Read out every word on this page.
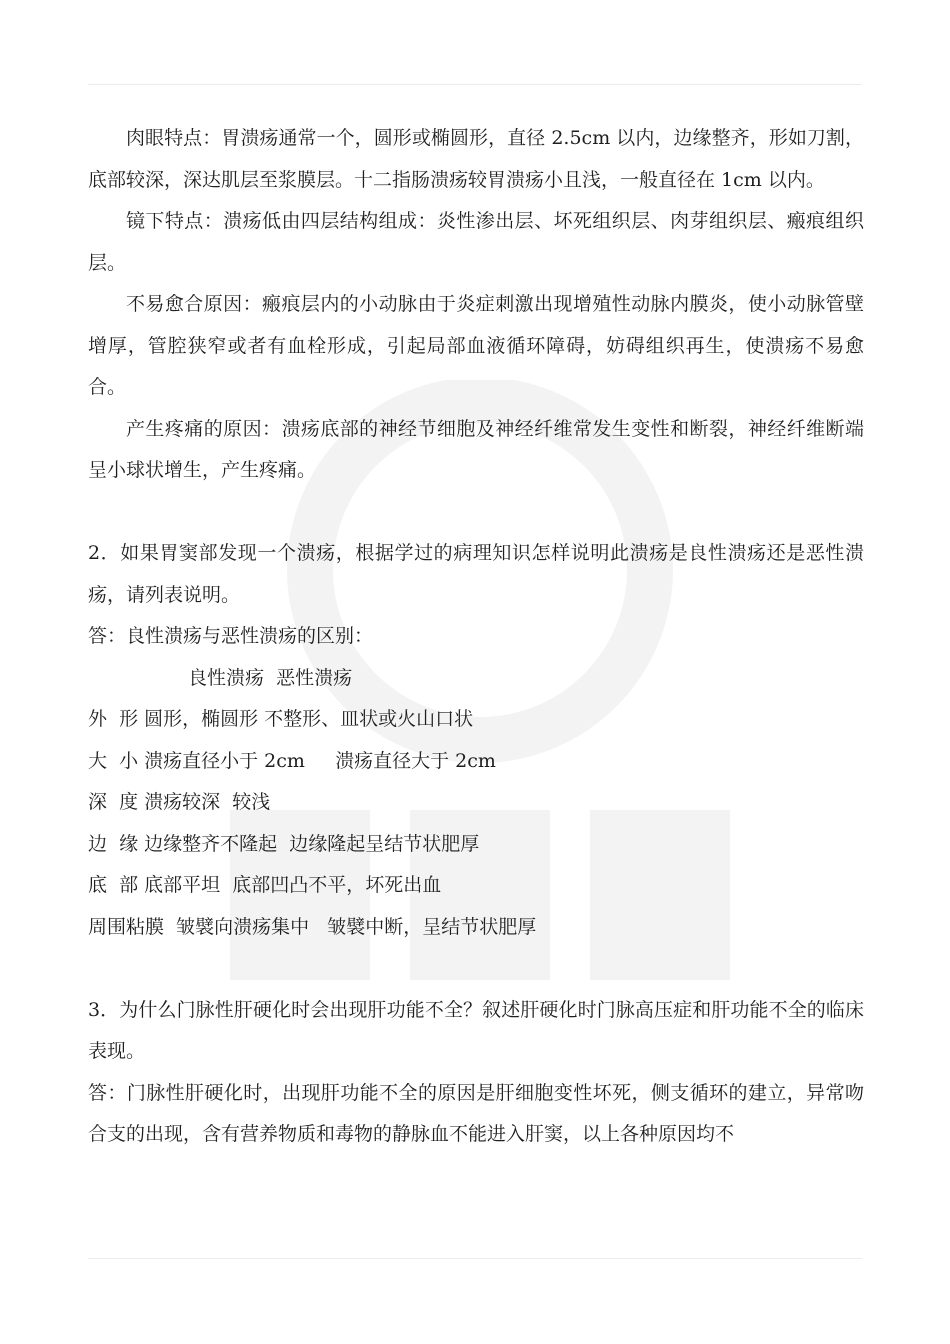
肉眼特点：胃溃疡通常一个，圆形或椭圆形，直径 2.5cm 以内，边缘整齐，形如刀割，底部较深，深达肌层至浆膜层。十二指肠溃疡较胃溃疡小且浅，一般直径在 1cm 以内。

镜下特点：溃疡低由四层结构组成：炎性渗出层、坏死组织层、肉芽组织层、瘢痕组织层。

不易愈合原因：瘢痕层内的小动脉由于炎症刺激出现增殖性动脉内膜炎，使小动脉管壁增厚，管腔狭窄或者有血栓形成，引起局部血液循环障碍，妨碍组织再生，使溃疡不易愈合。

产生疼痛的原因：溃疡底部的神经节细胞及神经纤维常发生变性和断裂，神经纤维断端呈小球状增生，产生疼痛。

2．如果胃窦部发现一个溃疡，根据学过的病理知识怎样说明此溃疡是良性溃疡还是恶性溃疡，请列表说明。

答：良性溃疡与恶性溃疡的区别：

良性溃疡  恶性溃疡

外  形 圆形，椭圆形 不整形、皿状或火山口状

大  小 溃疡直径小于 2cm     溃疡直径大于 2cm

深  度 溃疡较深  较浅

边  缘 边缘整齐不隆起  边缘隆起呈结节状肥厚

底  部 底部平坦  底部凹凸不平，坏死出血

周围粘膜  皱襞向溃疡集中   皱襞中断，呈结节状肥厚

3．为什么门脉性肝硬化时会出现肝功能不全？叙述肝硬化时门脉高压症和肝功能不全的临床表现。

答：门脉性肝硬化时，出现肝功能不全的原因是肝细胞变性坏死，侧支循环的建立，异常吻合支的出现，含有营养物质和毒物的静脉血不能进入肝窦，以上各种原因均不
